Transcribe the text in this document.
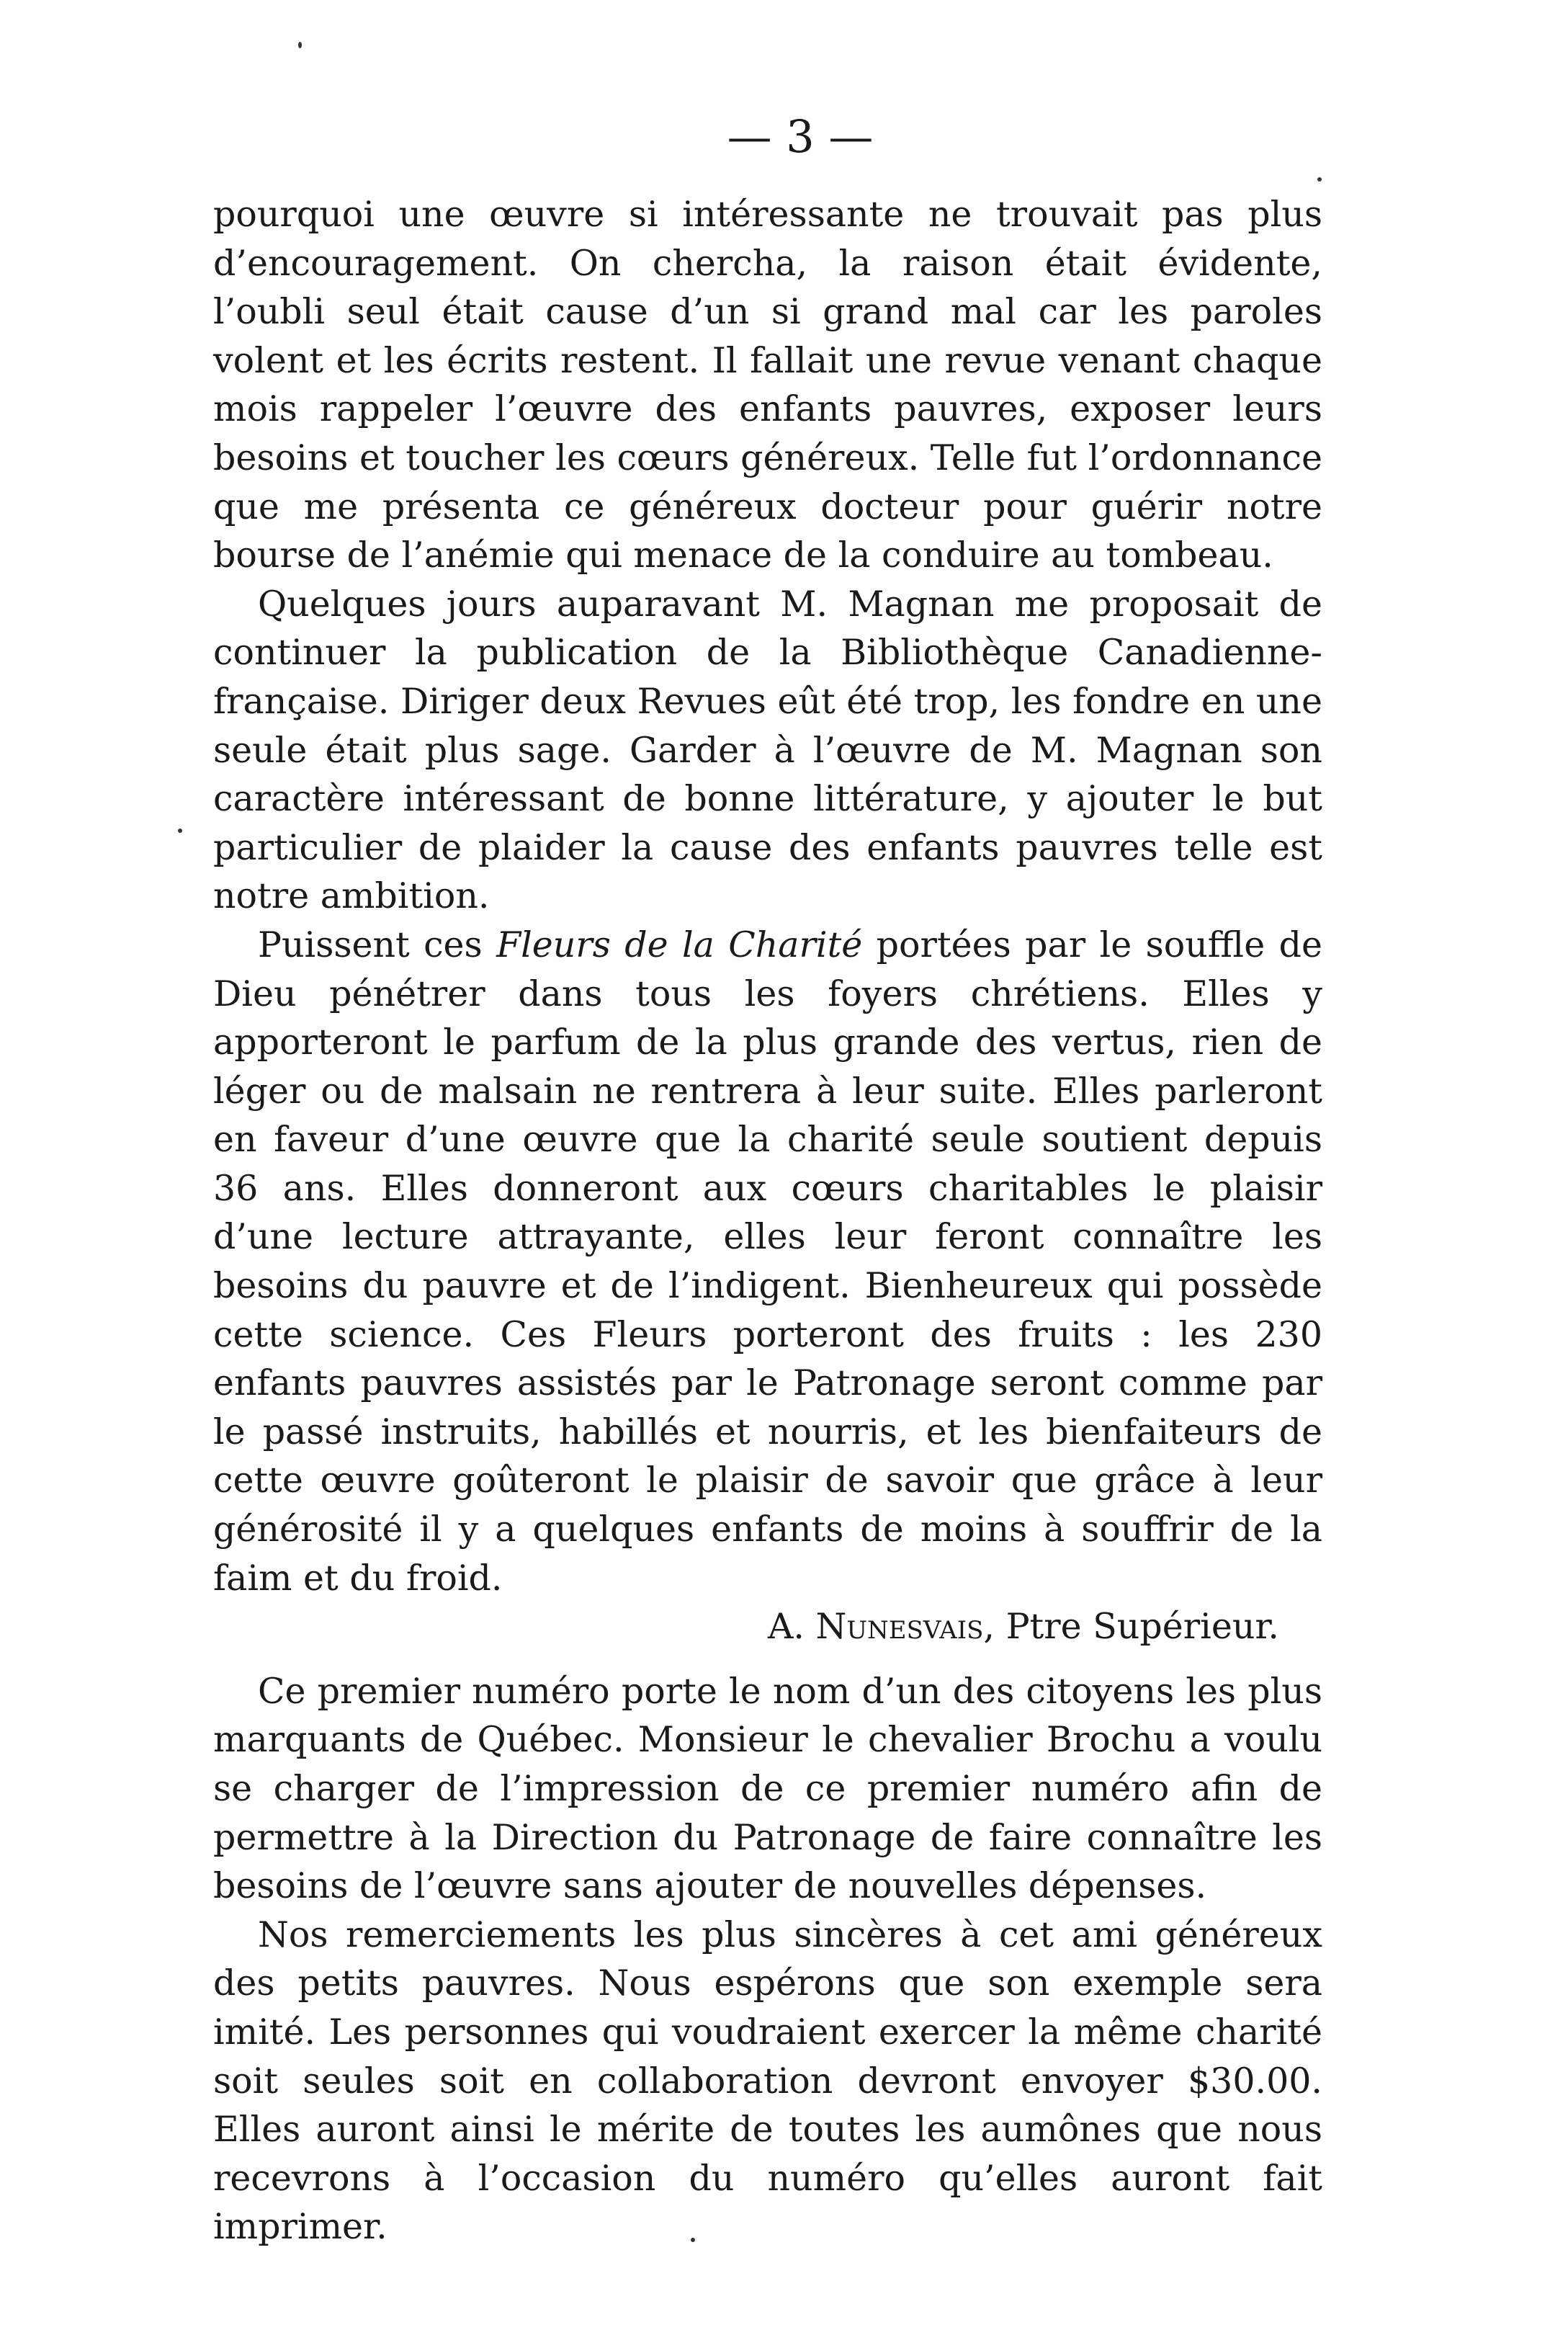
— 3 —

pourquoi une œuvre si intéressante ne trouvait pas plus d’encouragement. On chercha, la raison était évidente, l’oubli seul était cause d’un si grand mal car les paroles volent et les écrits restent. Il fallait une revue venant chaque mois rappeler l’œuvre des enfants pauvres, exposer leurs besoins et toucher les cœurs généreux. Telle fut l’ordonnance que me présenta ce généreux docteur pour guérir notre bourse de l’anémie qui menace de la conduire au tombeau.

Quelques jours auparavant M. Magnan me proposait de continuer la publication de la Bibliothèque Canadienne-française. Diriger deux Revues eût été trop, les fondre en une seule était plus sage. Garder à l’œuvre de M. Magnan son caractère intéressant de bonne littérature, y ajouter le but particulier de plaider la cause des enfants pauvres telle est notre ambition.

Puissent ces Fleurs de la Charité portées par le souffle de Dieu pénétrer dans tous les foyers chrétiens. Elles y apporteront le parfum de la plus grande des vertus, rien de léger ou de malsain ne rentrera à leur suite. Elles parleront en faveur d’une œuvre que la charité seule soutient depuis 36 ans. Elles donneront aux cœurs charitables le plaisir d’une lecture attrayante, elles leur feront connaître les besoins du pauvre et de l’indigent. Bienheureux qui possède cette science. Ces Fleurs porteront des fruits : les 230 enfants pauvres assistés par le Patronage seront comme par le passé instruits, habillés et nourris, et les bienfaiteurs de cette œuvre goûteront le plaisir de savoir que grâce à leur générosité il y a quelques enfants de moins à souffrir de la faim et du froid.

A. Nunesvais, Ptre Supérieur.

Ce premier numéro porte le nom d’un des citoyens les plus marquants de Québec. Monsieur le chevalier Brochu a voulu se charger de l’impression de ce premier numéro afin de permettre à la Direction du Patronage de faire connaître les besoins de l’œuvre sans ajouter de nouvelles dépenses.

Nos remerciements les plus sincères à cet ami généreux des petits pauvres. Nous espérons que son exemple sera imité. Les personnes qui voudraient exercer la même charité soit seules soit en collaboration devront envoyer $30.00. Elles auront ainsi le mérite de toutes les aumônes que nous recevrons à l’occasion du numéro qu’elles auront fait imprimer.
